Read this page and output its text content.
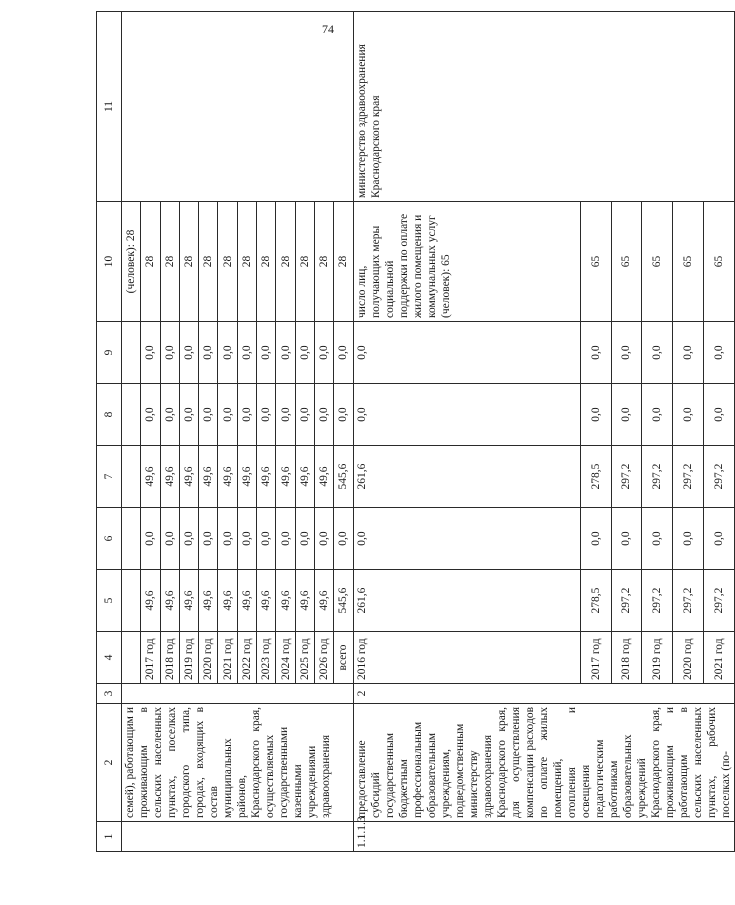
74
1	2	3	4	5	6	7	8	9	10	11
	семей), работающим и проживающим в сельских населенных пунктах, поселках городского типа, городах, входящих в состав муниципальных районов, Краснодарского края, осуществляемых государственными казенными учреждениями здравоохранения								(человек): 28	
			2017 год	49,6	0,0	49,6	0,0	0,0	28	
			2018 год	49,6	0,0	49,6	0,0	0,0	28	
			2019 год	49,6	0,0	49,6	0,0	0,0	28	
			2020 год	49,6	0,0	49,6	0,0	0,0	28	
			2021 год	49,6	0,0	49,6	0,0	0,0	28	
			2022 год	49,6	0,0	49,6	0,0	0,0	28	
			2023 год	49,6	0,0	49,6	0,0	0,0	28	
			2024 год	49,6	0,0	49,6	0,0	0,0	28	
			2025 год	49,6	0,0	49,6	0,0	0,0	28	
			2026 год	49,6	0,0	49,6	0,0	0,0	28	
			всего	545,6	0,0	545,6	0,0	0,0	28	
1.1.1.3	предоставление субсидий государственным бюджетным профессиональным образовательным учреждениям, подведомственным министерству здравоохранения Краснодарского края, для осуществления компенсации расходов по оплате жилых помещений, отопления и освещения педагогическим работникам образовательных учреждений Краснодарского края, проживающим и работающим в сельских населенных пунктах, рабочих поселках (по-	2	2016 год	261,6	0,0	261,6	0,0	0,0	число лиц, получающих меры социальной поддержки по оплате жилого помещения и коммунальных услуг (человек): 65	министерство здравоохранения Краснодарского края
			2017 год	278,5	0,0	278,5	0,0	0,0	65	
			2018 год	297,2	0,0	297,2	0,0	0,0	65	
			2019 год	297,2	0,0	297,2	0,0	0,0	65	
			2020 год	297,2	0,0	297,2	0,0	0,0	65	
			2021 год	297,2	0,0	297,2	0,0	0,0	65	
